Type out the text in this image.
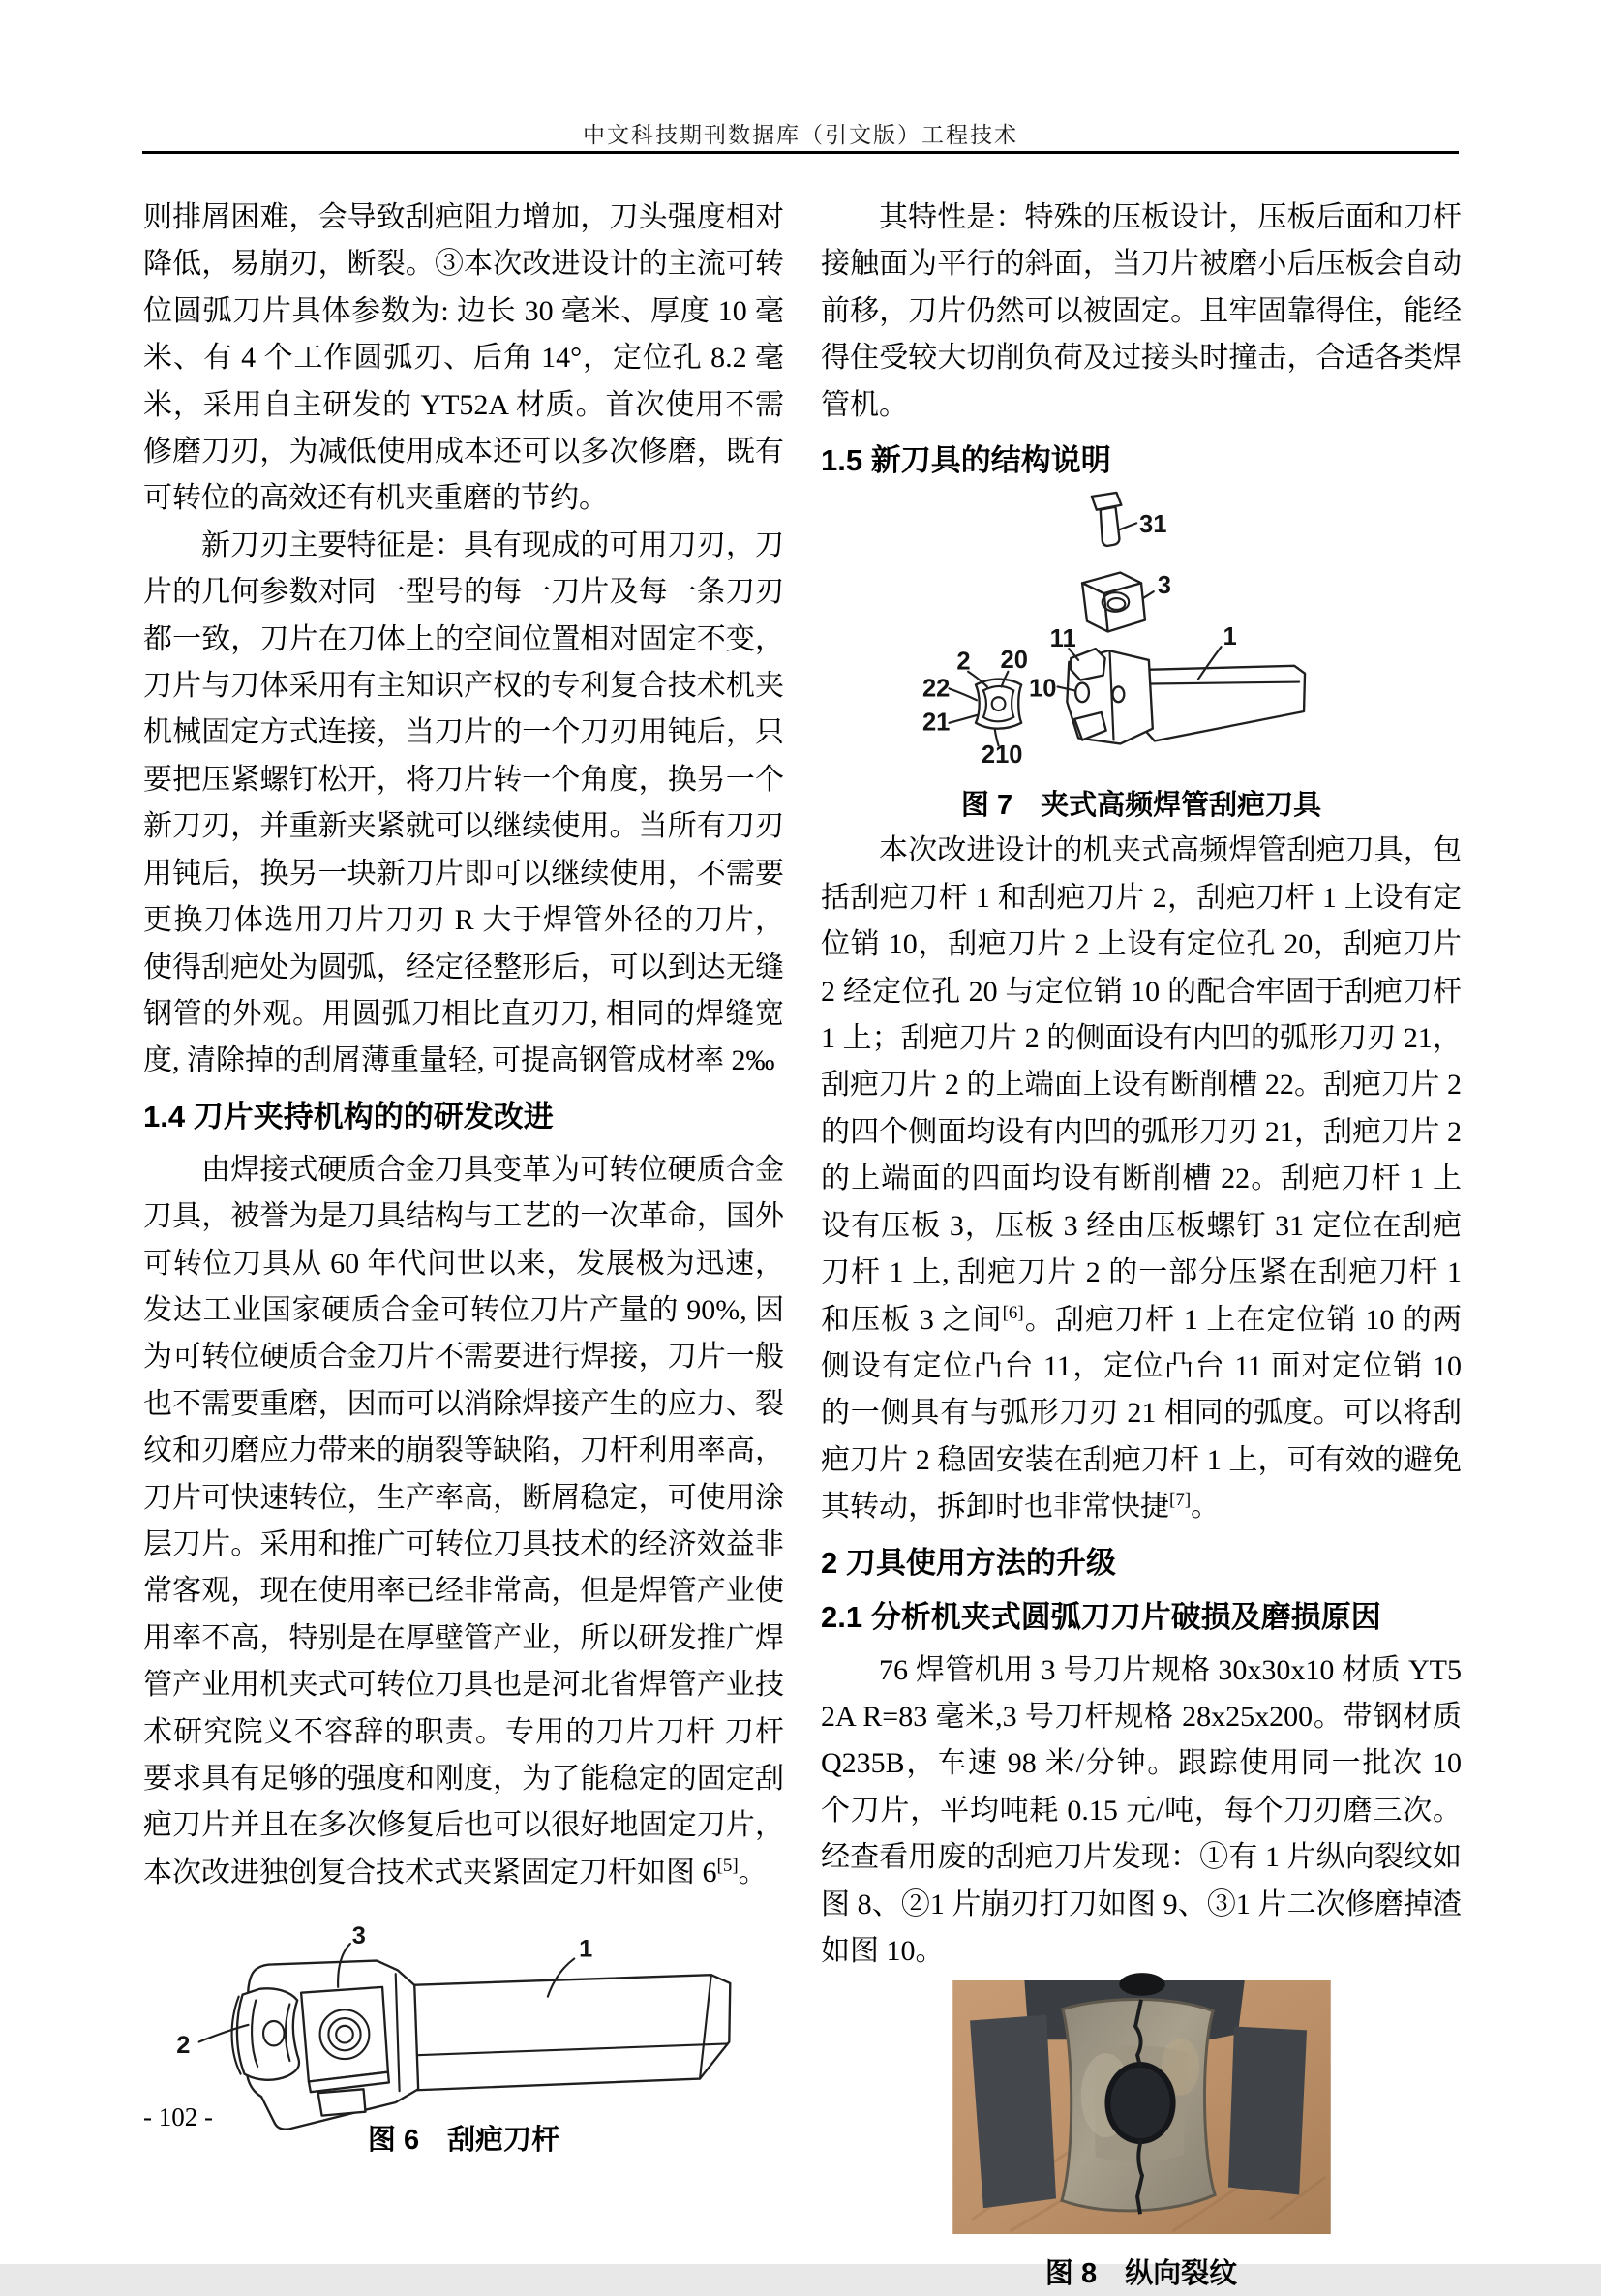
中文科技期刊数据库（引文版）工程技术

则排屑困难，会导致刮疤阻力增加，刀头强度相对降低，易崩刃，断裂。③本次改进设计的主流可转位圆弧刀片具体参数为: 边长 30 毫米、厚度 10 毫米、有 4 个工作圆弧刃、后角 14°，定位孔 8.2 毫米，采用自主研发的 YT52A 材质。首次使用不需修磨刀刃，为减低使用成本还可以多次修磨，既有可转位的高效还有机夹重磨的节约。

新刀刃主要特征是：具有现成的可用刀刃，刀片的几何参数对同一型号的每一刀片及每一条刀刃都一致，刀片在刀体上的空间位置相对固定不变，刀片与刀体采用有主知识产权的专利复合技术机夹机械固定方式连接，当刀片的一个刀刃用钝后，只要把压紧螺钉松开，将刀片转一个角度，换另一个新刀刃，并重新夹紧就可以继续使用。当所有刀刃用钝后，换另一块新刀片即可以继续使用，不需要更换刀体选用刀片刀刃 R 大于焊管外径的刀片，使得刮疤处为圆弧，经定径整形后，可以到达无缝钢管的外观。用圆弧刀相比直刃刀, 相同的焊缝宽度, 清除掉的刮屑薄重量轻, 可提高钢管成材率 2‰

1.4 刀片夹持机构的的研发改进

由焊接式硬质合金刀具变革为可转位硬质合金刀具，被誉为是刀具结构与工艺的一次革命，国外可转位刀具从 60 年代问世以来，发展极为迅速，发达工业国家硬质合金可转位刀片产量的 90%, 因为可转位硬质合金刀片不需要进行焊接，刀片一般也不需要重磨，因而可以消除焊接产生的应力、裂纹和刃磨应力带来的崩裂等缺陷，刀杆利用率高，刀片可快速转位，生产率高，断屑稳定，可使用涂层刀片。采用和推广可转位刀具技术的经济效益非常客观，现在使用率已经非常高，但是焊管产业使用率不高，特别是在厚壁管产业，所以研发推广焊管产业用机夹式可转位刀具也是河北省焊管产业技术研究院义不容辞的职责。专用的刀片刀杆 刀杆要求具有足够的强度和刚度，为了能稳定的固定刮疤刀片并且在多次修复后也可以很好地固定刀片，本次改进独创复合技术式夹紧固定刀杆如图 6[5]。

3	1
2
图 6　刮疤刀杆

其特性是：特殊的压板设计，压板后面和刀杆接触面为平行的斜面，当刀片被磨小后压板会自动前移，刀片仍然可以被固定。且牢固靠得住，能经得住受较大切削负荷及过接头时撞击，合适各类焊管机。

1.5 新刀具的结构说明
31
3
2 20
22
21
210
11
10
1
图 7　夹式高频焊管刮疤刀具

本次改进设计的机夹式高频焊管刮疤刀具，包括刮疤刀杆 1 和刮疤刀片 2，刮疤刀杆 1 上设有定位销 10，刮疤刀片 2 上设有定位孔 20，刮疤刀片 2 经定位孔 20 与定位销 10 的配合牢固于刮疤刀杆 1 上；刮疤刀片 2 的侧面设有内凹的弧形刀刃 21，刮疤刀片 2 的上端面上设有断削槽 22。刮疤刀片 2 的四个侧面均设有内凹的弧形刀刃 21，刮疤刀片 2 的上端面的四面均设有断削槽 22。刮疤刀杆 1 上设有压板 3，压板 3 经由压板螺钉 31 定位在刮疤刀杆 1 上, 刮疤刀片 2 的一部分压紧在刮疤刀杆 1 和压板 3 之间[6]。刮疤刀杆 1 上在定位销 10 的两侧设有定位凸台 11，定位凸台 11 面对定位销 10 的一侧具有与弧形刀刃 21 相同的弧度。可以将刮疤刀片 2 稳固安装在刮疤刀杆 1 上，可有效的避免其转动，拆卸时也非常快捷[7]。

2 刀具使用方法的升级
2.1 分析机夹式圆弧刀刀片破损及磨损原因

76 焊管机用 3 号刀片规格 30x30x10 材质 YT52A R=83 毫米,3 号刀杆规格 28x25x200。带钢材质 Q235B，车速 98 米/分钟。跟踪使用同一批次 10 个刀片，平均吨耗 0.15 元/吨，每个刀刃磨三次。经查看用废的刮疤刀片发现：①有 1 片纵向裂纹如图 8、②1 片崩刃打刀如图 9、③1 片二次修磨掉渣如图 10。

图 8　纵向裂纹
- 102 -
